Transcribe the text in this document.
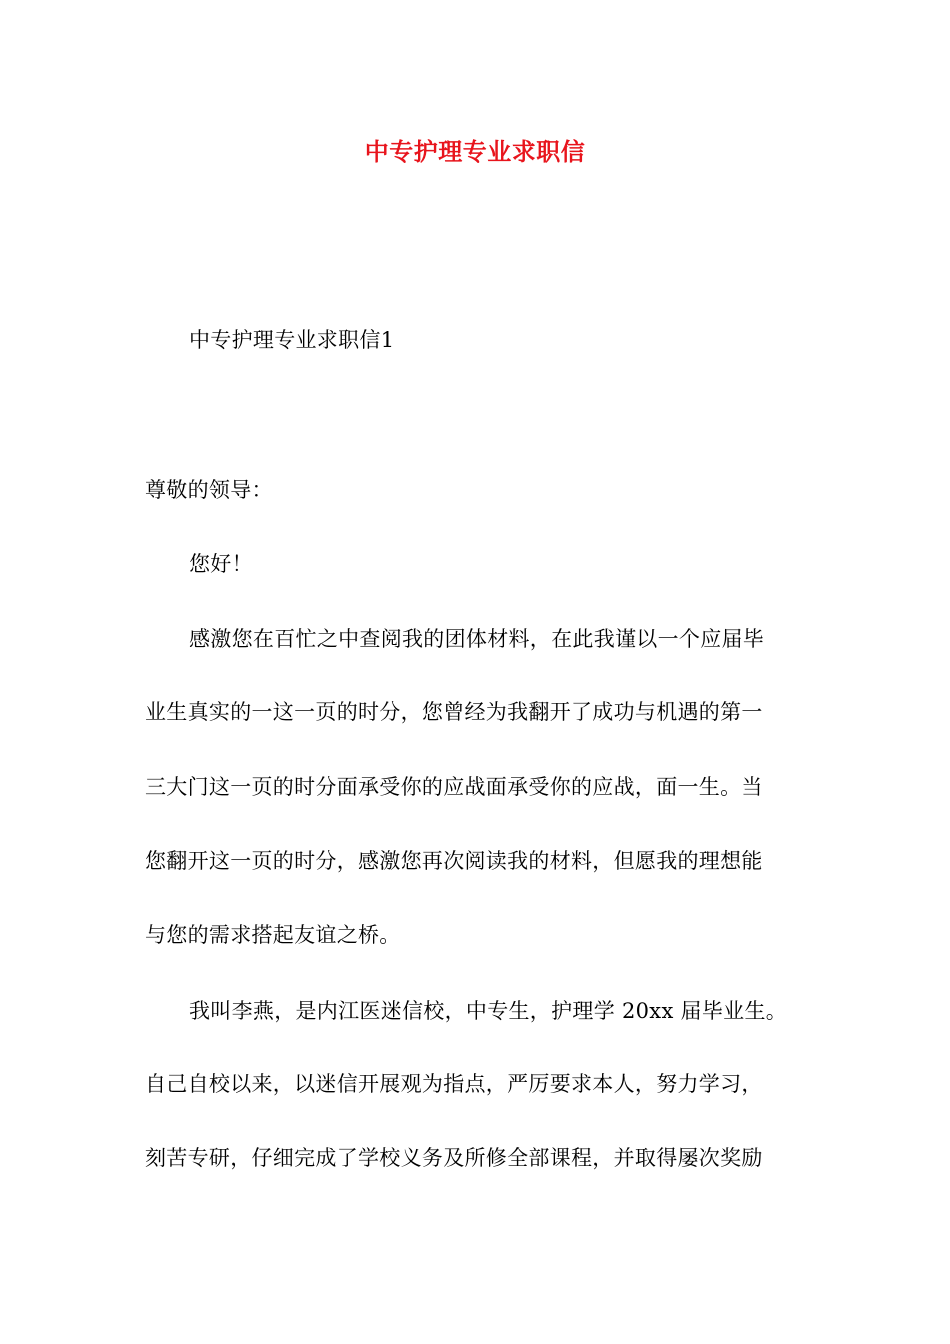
中专护理专业求职信
中专护理专业求职信1
尊敬的领导：
您好！
感激您在百忙之中查阅我的团体材料，在此我谨以一个应届毕
业生真实的一这一页的时分，您曾经为我翻开了成功与机遇的第一
三大门这一页的时分面承受你的应战面承受你的应战，面一生。当
您翻开这一页的时分，感激您再次阅读我的材料，但愿我的理想能
与您的需求搭起友谊之桥。
我叫李燕，是内江医迷信校，中专生，护理学 20xx 届毕业生。
自己自校以来，以迷信开展观为指点，严厉要求本人，努力学习，
刻苦专研，仔细完成了学校义务及所修全部课程，并取得屡次奖励
